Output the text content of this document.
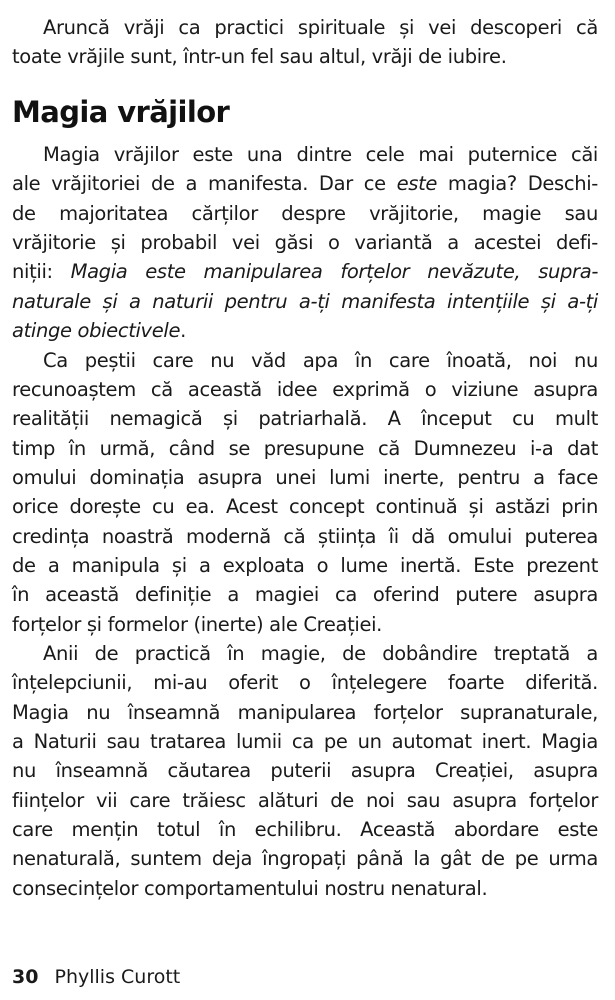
Aruncă vrăji ca practici spirituale și vei descoperi că
toate vrăjile sunt, într-un fel sau altul, vrăji de iubire.
Magia vrăjilor
Magia vrăjilor este una dintre cele mai puternice căi
ale vrăjitoriei de a manifesta. Dar ce este magia? Deschi-
de majoritatea cărților despre vrăjitorie, magie sau
vrăjitorie și probabil vei găsi o variantă a acestei defi-
niții: Magia este manipularea forțelor nevăzute, supra-
naturale și a naturii pentru a-ți manifesta intențiile și a-ți
atinge obiectivele.
Ca peștii care nu văd apa în care înoată, noi nu
recunoaștem că această idee exprimă o viziune asupra
realității nemagică și patriarhală. A început cu mult
timp în urmă, când se presupune că Dumnezeu i-a dat
omului dominația asupra unei lumi inerte, pentru a face
orice dorește cu ea. Acest concept continuă și astăzi prin
credința noastră modernă că știința îi dă omului puterea
de a manipula și a exploata o lume inertă. Este prezent
în această definiție a magiei ca oferind putere asupra
forțelor și formelor (inerte) ale Creației.
Anii de practică în magie, de dobândire treptată a
înțelepciunii, mi-au oferit o înțelegere foarte diferită.
Magia nu înseamnă manipularea forțelor supranaturale,
a Naturii sau tratarea lumii ca pe un automat inert. Magia
nu înseamnă căutarea puterii asupra Creației, asupra
ființelor vii care trăiesc alături de noi sau asupra forțelor
care mențin totul în echilibru. Această abordare este
nenaturală, suntem deja îngropați până la gât de pe urma
consecințelor comportamentului nostru nenatural.
30 Phyllis Curott
